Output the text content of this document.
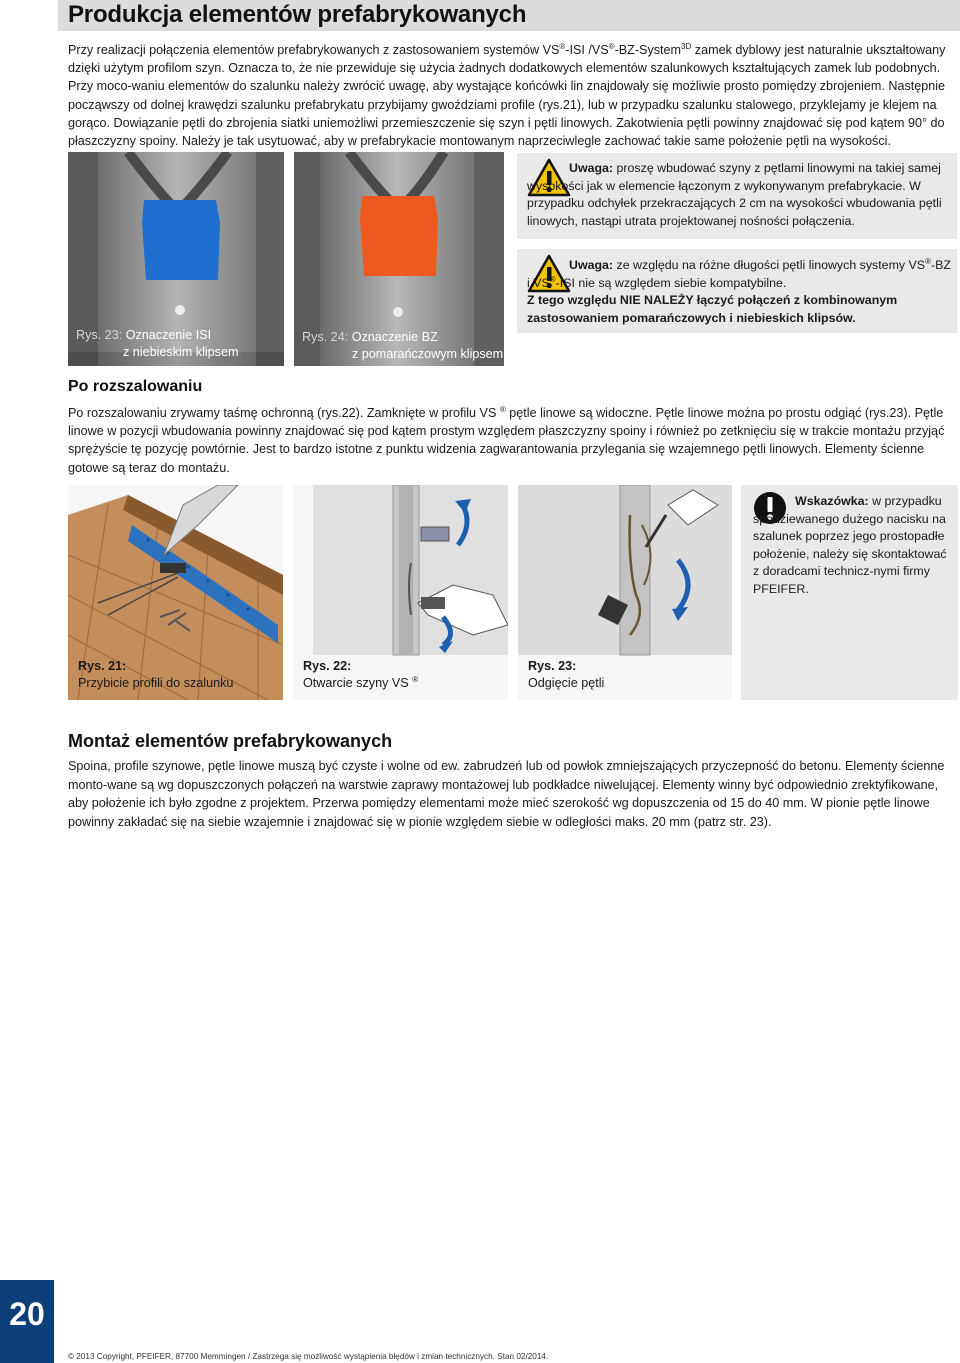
Produkcja elementów prefabrykowanych

Przy realizacji połączenia elementów prefabrykowanych z zastosowaniem systemów VS®-ISI /VS®-BZ-System$^{3D}$ zamek dyblowy jest naturalnie ukształtowany dzięki użytym profilom szyn. Oznacza to, że nie przewiduje się użycia żadnych dodatkowych elementów szalunkowych kształtujących zamek lub podobnych. Przy moco-waniu elementów do szalunku należy zwrócić uwagę, aby wystające końcówki lin znajdowały się możliwie prosto pomiędzy zbrojeniem. Następnie począwszy od dolnej krawędzi szalunku prefabrykatu przybijamy gwoździami profile (rys.21), lub w przypadku szalunku stalowego, przyklejamy je klejem na gorąco. Dowiązanie pętli do zbrojenia siatki uniemożliwi przemieszczenie się szyn i pętli linowych. Zakotwienia pętli powinny znajdować się pod kątem 90° do płaszczyzny spoiny. Należy je tak usytuować, aby w prefabrykacie montowanym naprzeciwlegle zachować takie same położenie pętli na wysokości.

Rys. 23: Oznaczenie ISI
z niebieskim klipsem
Rys. 24: Oznaczenie BZ
z pomarańczowym klipsem

Uwaga: proszę wbudować szyny z pętlami linowymi na takiej samej wysokości jak w elemencie łączonym z wykonywanym prefabrykacie. W przypadku odchyłek przekraczających 2 cm na wysokości wbudowania pętli linowych, nastąpi utrata projektowanej nośności połączenia.

Uwaga: ze względu na różne długości pętli linowych systemy VS®-BZ i VS®-ISI nie są względem siebie kompatybilne.
Z tego względu NIE NALEŻY łączyć połączeń z kombinowanym zastosowaniem pomarańczowych i niebieskich klipsów.

Po rozszalowaniu

Po rozszalowaniu zrywamy taśmę ochronną (rys.22). Zamknięte w profilu VS ® pętle linowe są widoczne. Pętle linowe można po prostu odgiąć (rys.23). Pętle linowe w pozycji wbudowania powinny znajdować się pod kątem prostym względem płaszczyzny spoiny i również po zetknięciu się w trakcie montażu przyjąć sprężyście tę pozycję powtórnie. Jest to bardzo istotne z punktu widzenia zagwarantowania przylegania się wzajemnego pętli linowych. Elementy ścienne gotowe są teraz do montażu.

Rys. 21:
Przybicie profili do szalunku
Rys. 22:
Otwarcie szyny VS ®
Rys. 23:
Odgięcie pętli

Wskazówka: w przypadku spodziewanego dużego nacisku na szalunek poprzez jego prostopadłe położenie, należy się skontaktować z doradcami technicz-nymi firmy PFEIFER.

Montaż elementów prefabrykowanych

Spoina, profile szynowe, pętle linowe muszą być czyste i wolne od ew. zabrudzeń lub od powłok zmniejszających przyczepność do betonu. Elementy ścienne monto-wane są wg dopuszczonych połączeń na warstwie zaprawy montażowej lub podkładce niwelującej. Elementy winny być odpowiednio zrektyfikowane, aby położenie ich było zgodne z projektem. Przerwa pomiędzy elementami może mieć szerokość wg dopuszczenia od 15 do 40 mm. W pionie pętle linowe powinny zakładać się na siebie wzajemnie i znajdować się w pionie względem siebie w odległości maks. 20 mm (patrz str. 23).

20
© 2013 Copyright, PFEIFER, 87700 Memmingen / Zastrzega się możliwość wystąpienia błędów i zmian technicznych. Stan 02/2014.
